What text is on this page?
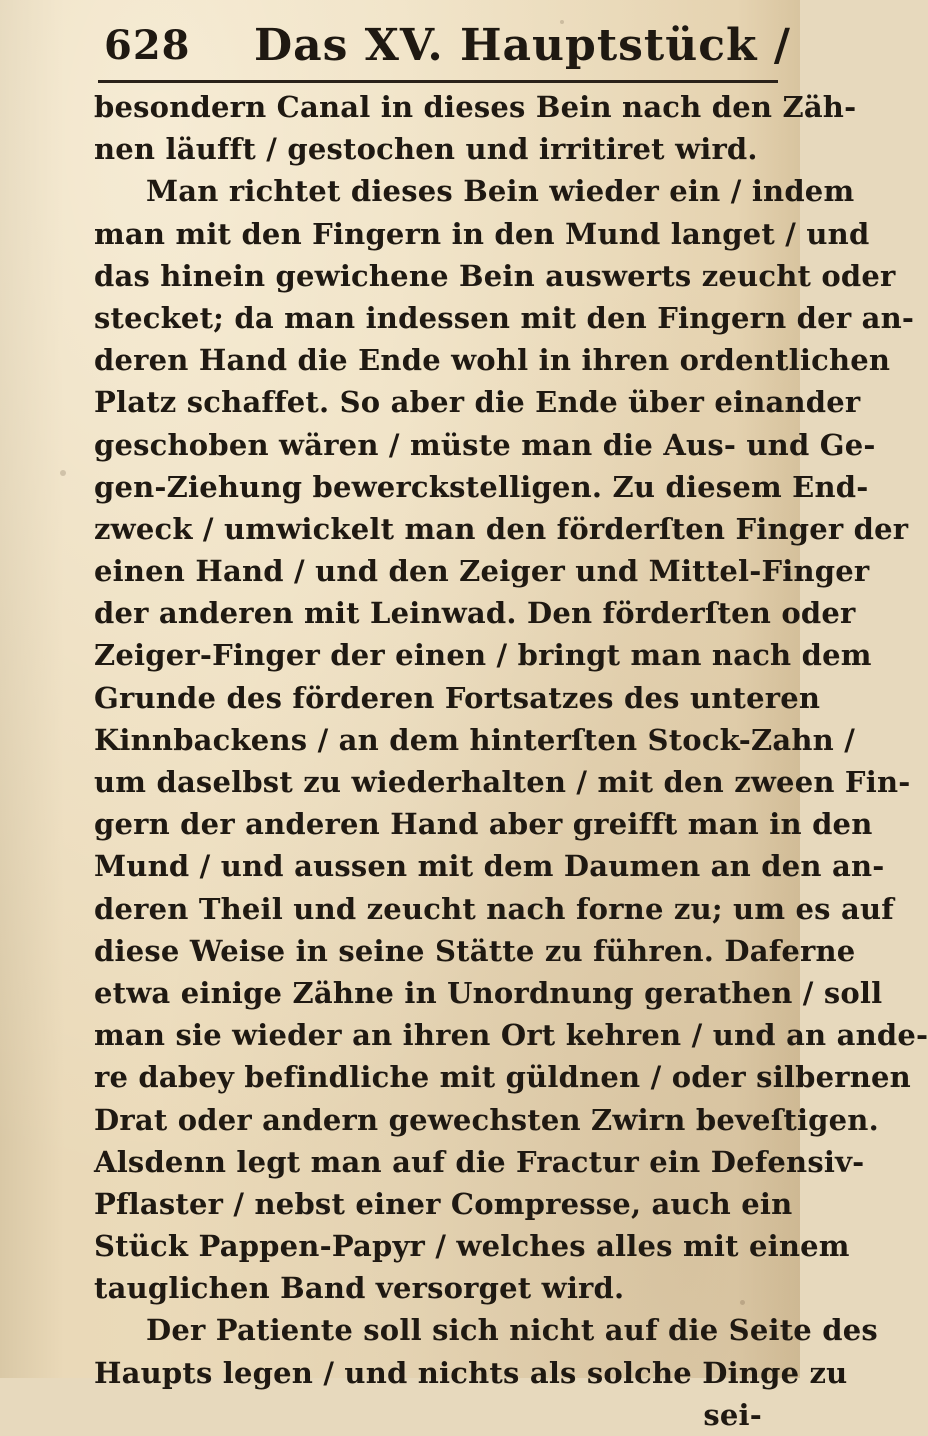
628 Das XV. Hauptstück /
besondern Canal in dieses Bein nach den Zäh-
nen läufft / gestochen und irritiret wird.
Man richtet dieses Bein wieder ein / indem
man mit den Fingern in den Mund langet / und
das hinein gewichene Bein auswerts zeucht oder
stecket; da man indessen mit den Fingern der an-
deren Hand die Ende wohl in ihren ordentlichen
Platz schaffet. So aber die Ende über einander
geschoben wären / müste man die Aus- und Ge-
gen-Ziehung bewerckstelligen. Zu diesem End-
zweck / umwickelt man den förderſten Finger der
einen Hand / und den Zeiger und Mittel-Finger
der anderen mit Leinwad. Den förderſten oder
Zeiger-Finger der einen / bringt man nach dem
Grunde des förderen Fortsatzes des unteren
Kinnbackens / an dem hinterſten Stock-Zahn /
um daselbst zu wiederhalten / mit den zween Fin-
gern der anderen Hand aber greifft man in den
Mund / und aussen mit dem Daumen an den an-
deren Theil und zeucht nach forne zu; um es auf
diese Weise in seine Stätte zu führen. Daferne
etwa einige Zähne in Unordnung gerathen / soll
man sie wieder an ihren Ort kehren / und an ande-
re dabey befindliche mit güldnen / oder silbernen
Drat oder andern gewechsten Zwirn beveſtigen.
Alsdenn legt man auf die Fractur ein Defensiv-
Pflaster / nebst einer Compresse, auch ein
Stück Pappen-Papyr / welches alles mit einem
tauglichen Band versorget wird.
Der Patiente soll sich nicht auf die Seite des
Haupts legen / und nichts als solche Dinge zu
sei-
